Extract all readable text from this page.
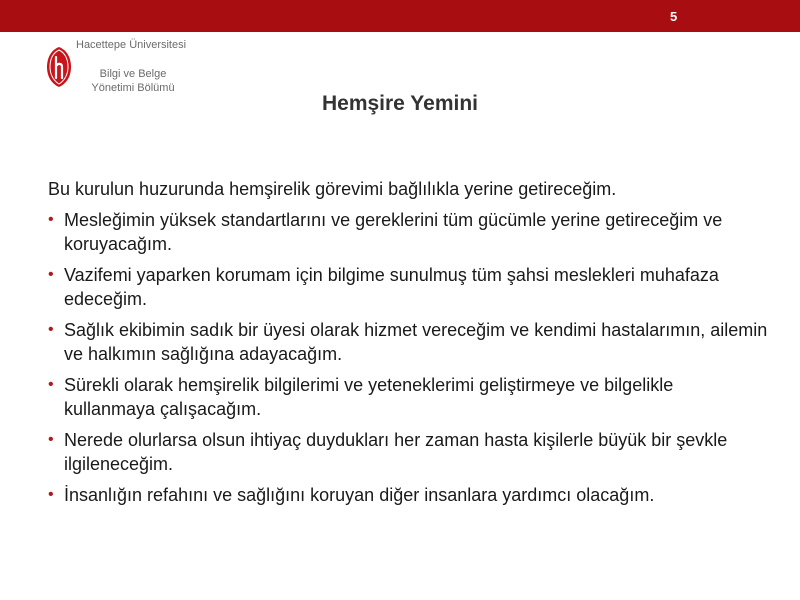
5
Hacettepe Üniversitesi
Bilgi ve Belge
Yönetimi Bölümü
Hemşire Yemini
Bu kurulun huzurunda hemşirelik görevimi bağlılıkla yerine getireceğim.
• Mesleğimin yüksek standartlarını ve gereklerini tüm gücümle yerine getireceğim ve koruyacağım.
• Vazifemi yaparken korumam için bilgime sunulmuş tüm şahsi meslekleri muhafaza edeceğim.
• Sağlık ekibimin sadık bir üyesi olarak hizmet vereceğim ve kendimi hastalarımın, ailemin ve halkımın sağlığına adayacağım.
• Sürekli olarak hemşirelik bilgilerimi ve yeteneklerimi geliştirmeye ve bilgelikle kullanmaya çalışacağım.
• Nerede olurlarsa olsun ihtiyaç duydukları her zaman hasta kişilerle büyük bir şevkle ilgileneceğim.
• İnsanlığın refahını ve sağlığını koruyan diğer insanlara yardımcı olacağım.
